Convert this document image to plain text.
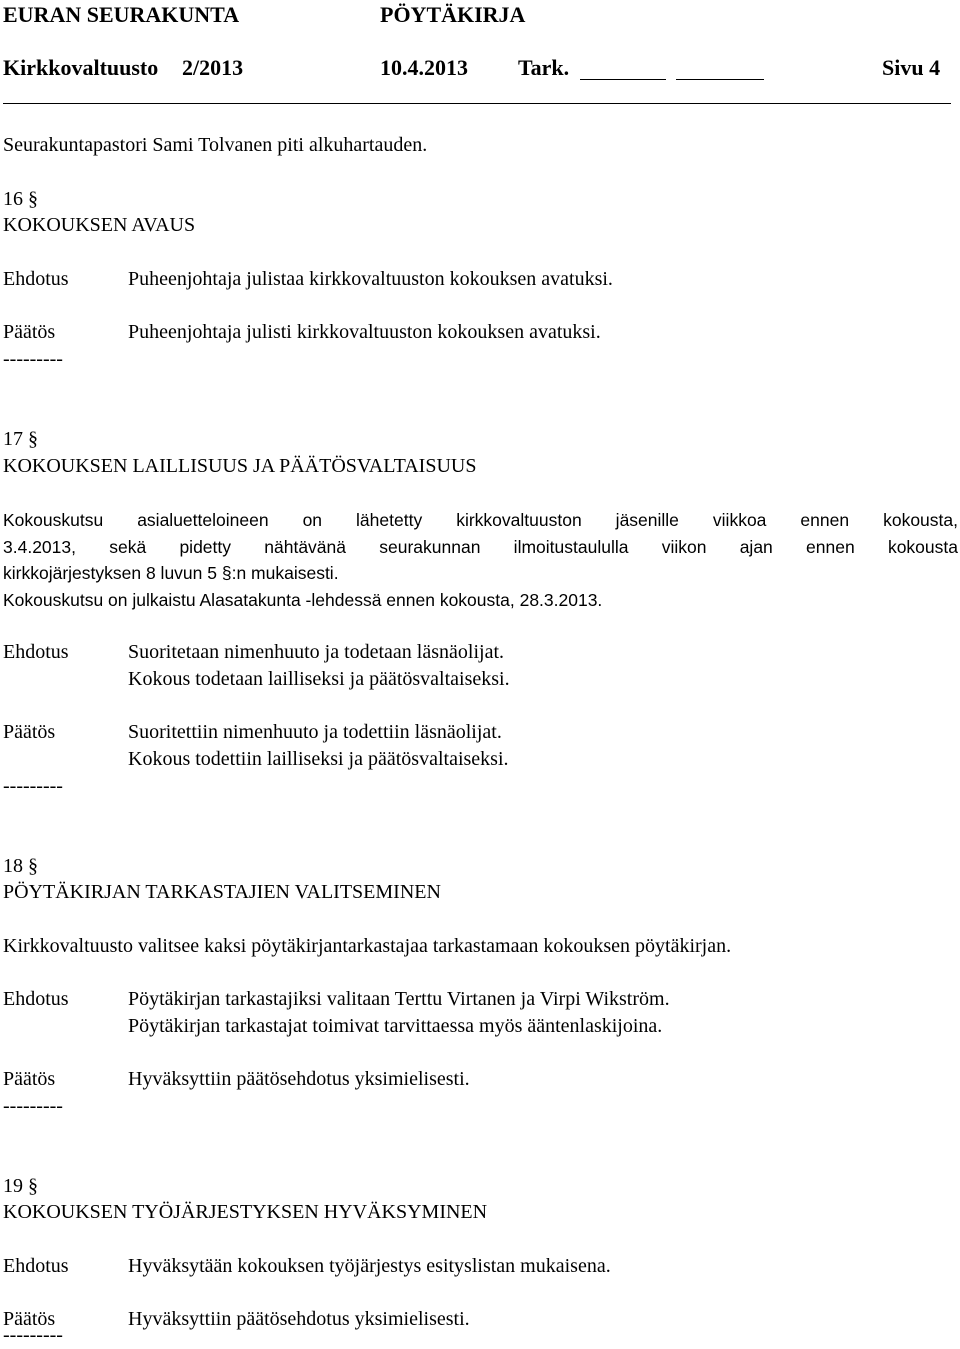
EURAN SEURAKUNTA	PÖYTÄKIRJA
Kirkkovaltuusto 2/2013	10.4.2013 Tark.	Sivu 4
Seurakuntapastori Sami Tolvanen piti alkuhartauden.
16 §
KOKOUKSEN AVAUS
Ehdotus	Puheenjohtaja julistaa kirkkovaltuuston kokouksen avatuksi.
Päätös	Puheenjohtaja julisti kirkkovaltuuston kokouksen avatuksi.
---------
17 §
KOKOUKSEN LAILLISUUS JA PÄÄTÖSVALTAISUUS
Kokouskutsu asialuetteloineen on lähetetty kirkkovaltuuston jäsenille viikkoa ennen kokousta,
3.4.2013, sekä pidetty nähtävänä seurakunnan ilmoitustaululla viikon ajan ennen kokousta
kirkkojärjestyksen 8 luvun 5 §:n mukaisesti.
Kokouskutsu on julkaistu Alasatakunta -lehdessä ennen kokousta, 28.3.2013.
Ehdotus	Suoritetaan nimenhuuto ja todetaan läsnäolijat.
Kokous todetaan lailliseksi ja päätösvaltaiseksi.
Päätös	Suoritettiin nimenhuuto ja todettiin läsnäolijat.
Kokous todettiin lailliseksi ja päätösvaltaiseksi.
---------
18 §
PÖYTÄKIRJAN TARKASTAJIEN VALITSEMINEN
Kirkkovaltuusto valitsee kaksi pöytäkirjantarkastajaa tarkastamaan kokouksen pöytäkirjan.
Ehdotus	Pöytäkirjan tarkastajiksi valitaan Terttu Virtanen ja Virpi Wikström.
Pöytäkirjan tarkastajat toimivat tarvittaessa myös ääntenlaskijoina.
Päätös	Hyväksyttiin päätösehdotus yksimielisesti.
---------
19 §
KOKOUKSEN TYÖJÄRJESTYKSEN HYVÄKSYMINEN
Ehdotus	Hyväksytään kokouksen työjärjestys esityslistan mukaisena.
Päätös	Hyväksyttiin päätösehdotus yksimielisesti.
---------
